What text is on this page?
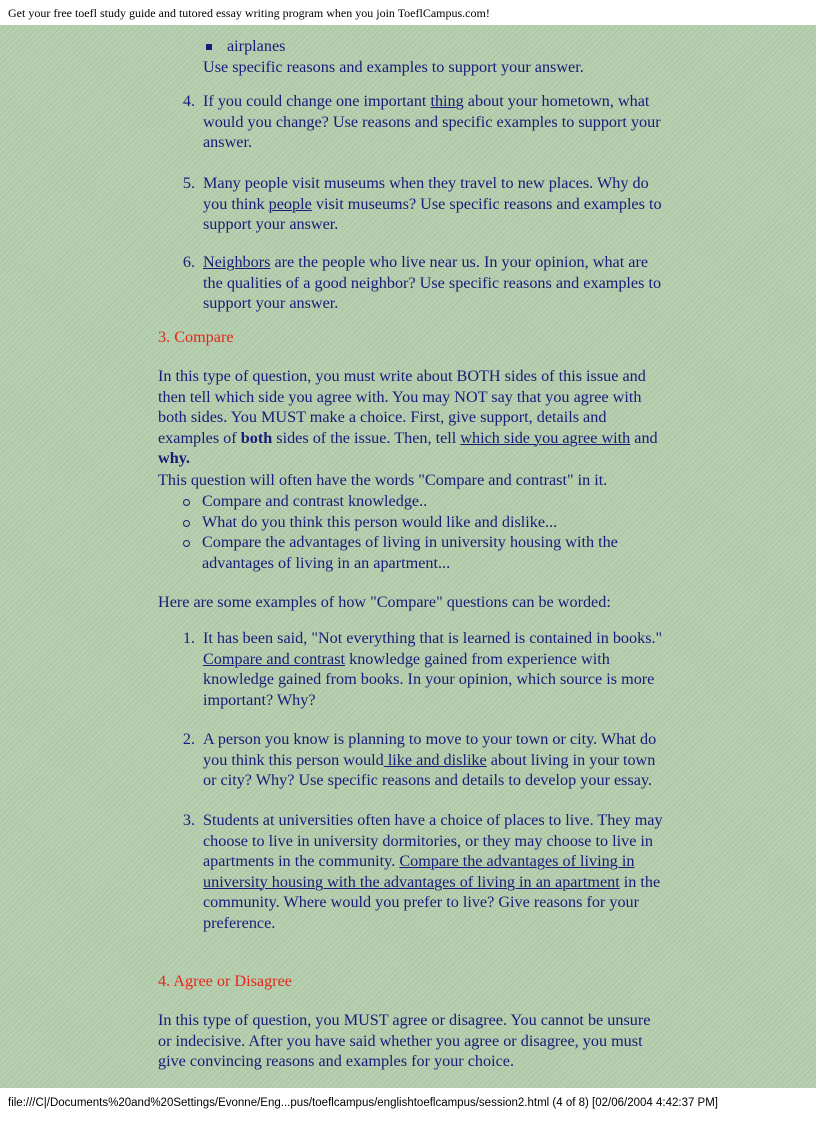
Get your free toefl study guide and tutored essay writing program when you join ToeflCampus.com!
airplanes
Use specific reasons and examples to support your answer.
4. If you could change one important thing about your hometown, what would you change? Use reasons and specific examples to support your answer.
5. Many people visit museums when they travel to new places. Why do you think people visit museums? Use specific reasons and examples to support your answer.
6. Neighbors are the people who live near us. In your opinion, what are the qualities of a good neighbor? Use specific reasons and examples to support your answer.
3. Compare
In this type of question, you must write about BOTH sides of this issue and then tell which side you agree with. You may NOT say that you agree with both sides. You MUST make a choice. First, give support, details and examples of both sides of the issue. Then, tell which side you agree with and why.
This question will often have the words "Compare and contrast" in it.
Compare and contrast knowledge..
What do you think this person would like and dislike...
Compare the advantages of living in university housing with the advantages of living in an apartment...
Here are some examples of how "Compare" questions can be worded:
1. It has been said, "Not everything that is learned is contained in books." Compare and contrast knowledge gained from experience with knowledge gained from books. In your opinion, which source is more important? Why?
2. A person you know is planning to move to your town or city. What do you think this person would like and dislike about living in your town or city? Why? Use specific reasons and details to develop your essay.
3. Students at universities often have a choice of places to live. They may choose to live in university dormitories, or they may choose to live in apartments in the community. Compare the advantages of living in university housing with the advantages of living in an apartment in the community. Where would you prefer to live? Give reasons for your preference.
4. Agree or Disagree
In this type of question, you MUST agree or disagree. You cannot be unsure or indecisive. After you have said whether you agree or disagree, you must give convincing reasons and examples for your choice.
file:///C|/Documents%20and%20Settings/Evonne/Eng...pus/toeflcampus/englishtoeflcampus/session2.html (4 of 8) [02/06/2004 4:42:37 PM]
